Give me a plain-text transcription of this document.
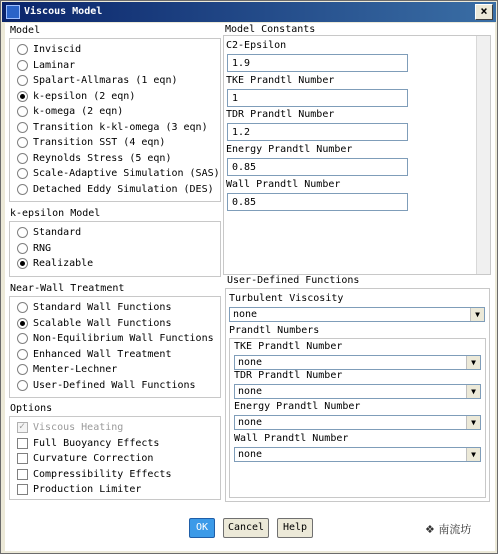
Viscous Model	×
Model
Inviscid
Laminar
Spalart-Allmaras (1 eqn)
k-epsilon (2 eqn)
k-omega (2 eqn)
Transition k-kl-omega (3 eqn)
Transition SST (4 eqn)
Reynolds Stress (5 eqn)
Scale-Adaptive Simulation (SAS)
Detached Eddy Simulation (DES)
k-epsilon Model
Standard
RNG
Realizable
Near-Wall Treatment
Standard Wall Functions
Scalable Wall Functions
Non-Equilibrium Wall Functions
Enhanced Wall Treatment
Menter-Lechner
User-Defined Wall Functions
Options
✓
Viscous Heating
Full Buoyancy Effects
Curvature Correction
Compressibility Effects
Production Limiter
Model Constants
C2-Epsilon
1.9
TKE Prandtl Number
1
TDR Prandtl Number
1.2
Energy Prandtl Number
0.85
Wall Prandtl Number
0.85
User-Defined Functions
Turbulent Viscosity
none	▼
Prandtl Numbers
TKE Prandtl Number
none	▼
TDR Prandtl Number
none	▼
Energy Prandtl Number
none	▼
Wall Prandtl Number
none	▼
OK	Cancel	Help	❖ 南流坊
